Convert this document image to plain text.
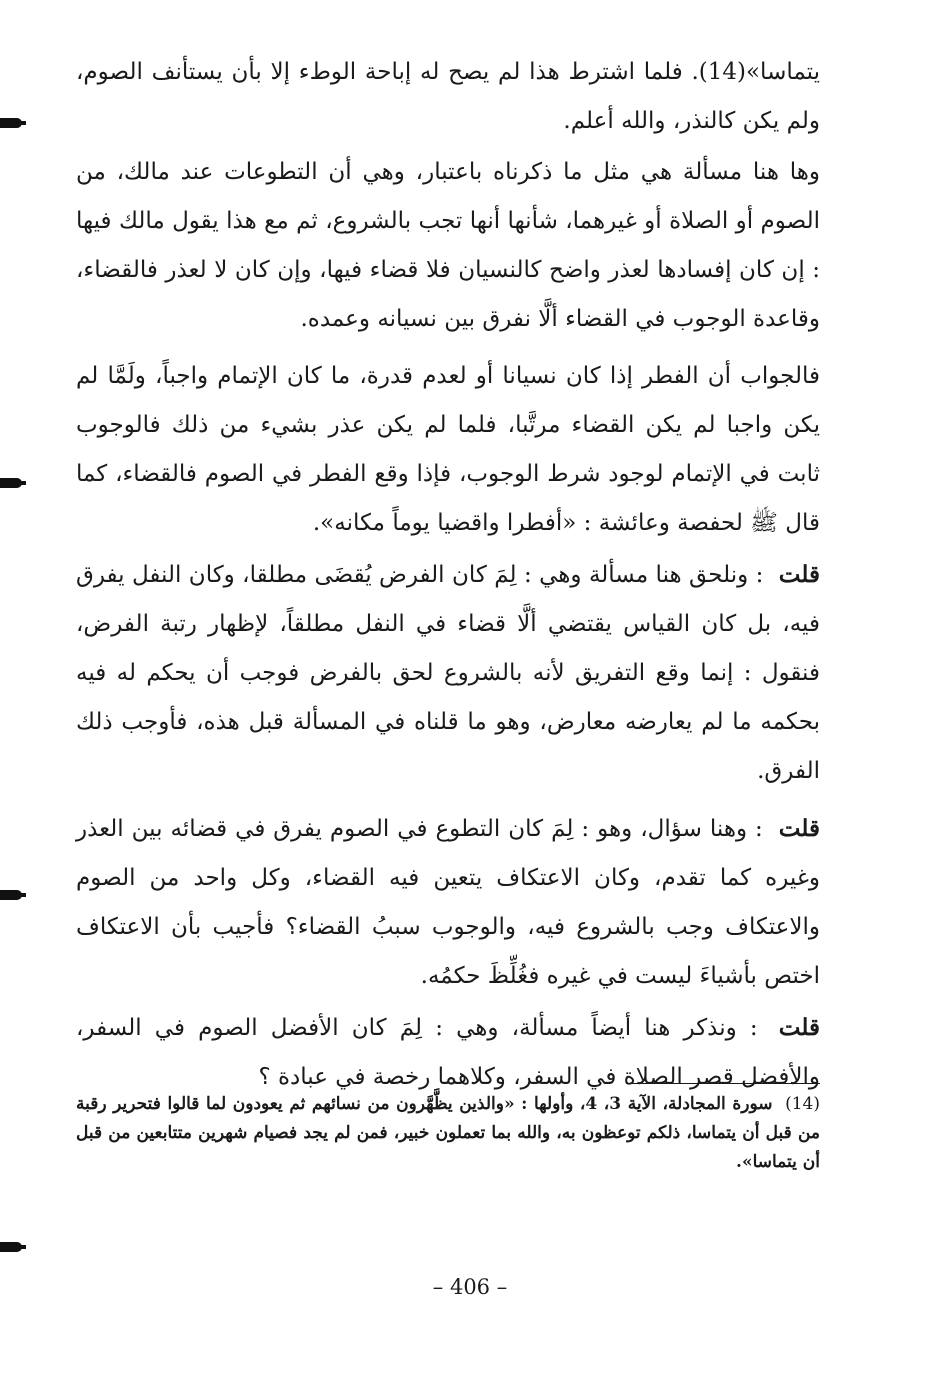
يتماسا»(14). فلما اشترط هذا لم يصح له إباحة الوطء إلا بأن يستأنف الصوم، ولم يكن كالنذر، والله أعلم.

وها هنا مسألة هي مثل ما ذكرناه باعتبار، وهي أن التطوعات عند مالك، من الصوم أو الصلاة أو غيرهما، شأنها أنها تجب بالشروع، ثم مع هذا يقول مالك فيها : إن كان إفسادها لعذر واضح كالنسيان فلا قضاء فيها، وإن كان لا لعذر فالقضاء، وقاعدة الوجوب في القضاء ألَّا نفرق بين نسيانه وعمده.

فالجواب أن الفطر إذا كان نسيانا أو لعدم قدرة، ما كان الإتمام واجباً، ولَمَّا لم يكن واجبا لم يكن القضاء مرتَّبا، فلما لم يكن عذر بشيء من ذلك فالوجوب ثابت في الإتمام لوجود شرط الوجوب، فإذا وقع الفطر في الصوم فالقضاء، كما قال ﷺ لحفصة وعائشة : «أفطرا واقضيا يوماً مكانه».

قلت : ونلحق هنا مسألة وهي : لِمَ كان الفرض يُقضَى مطلقا، وكان النفل يفرق فيه، بل كان القياس يقتضي ألَّا قضاء في النفل مطلقاً، لإظهار رتبة الفرض، فنقول : إنما وقع التفريق لأنه بالشروع لحق بالفرض فوجب أن يحكم له فيه بحكمه ما لم يعارضه معارض، وهو ما قلناه في المسألة قبل هذه، فأوجب ذلك الفرق.

قلت : وهنا سؤال، وهو : لِمَ كان التطوع في الصوم يفرق في قضائه بين العذر وغيره كما تقدم، وكان الاعتكاف يتعين فيه القضاء، وكل واحد من الصوم والاعتكاف وجب بالشروع فيه، والوجوب سببُ القضاء؟ فأجيب بأن الاعتكاف اختص بأشياءَ ليست في غيره فغُلِّظَ حكمُه.

قلت : ونذكر هنا أيضاً مسألة، وهي : لِمَ كان الأفضل الصوم في السفر، والأفضل قصر الصلاة في السفر، وكلاهما رخصة في عبادة ؟

(14) سورة المجادلة، الآية 3، 4، وأولها : «والذين يظَّهَّرون من نسائهم ثم يعودون لما قالوا فتحرير رقبة من قبل أن يتماسا، ذلكم توعظون به، والله بما تعملون خبير، فمن لم يجد فصيام شهرين متتابعين من قبل أن يتماسا».

– 406 –
